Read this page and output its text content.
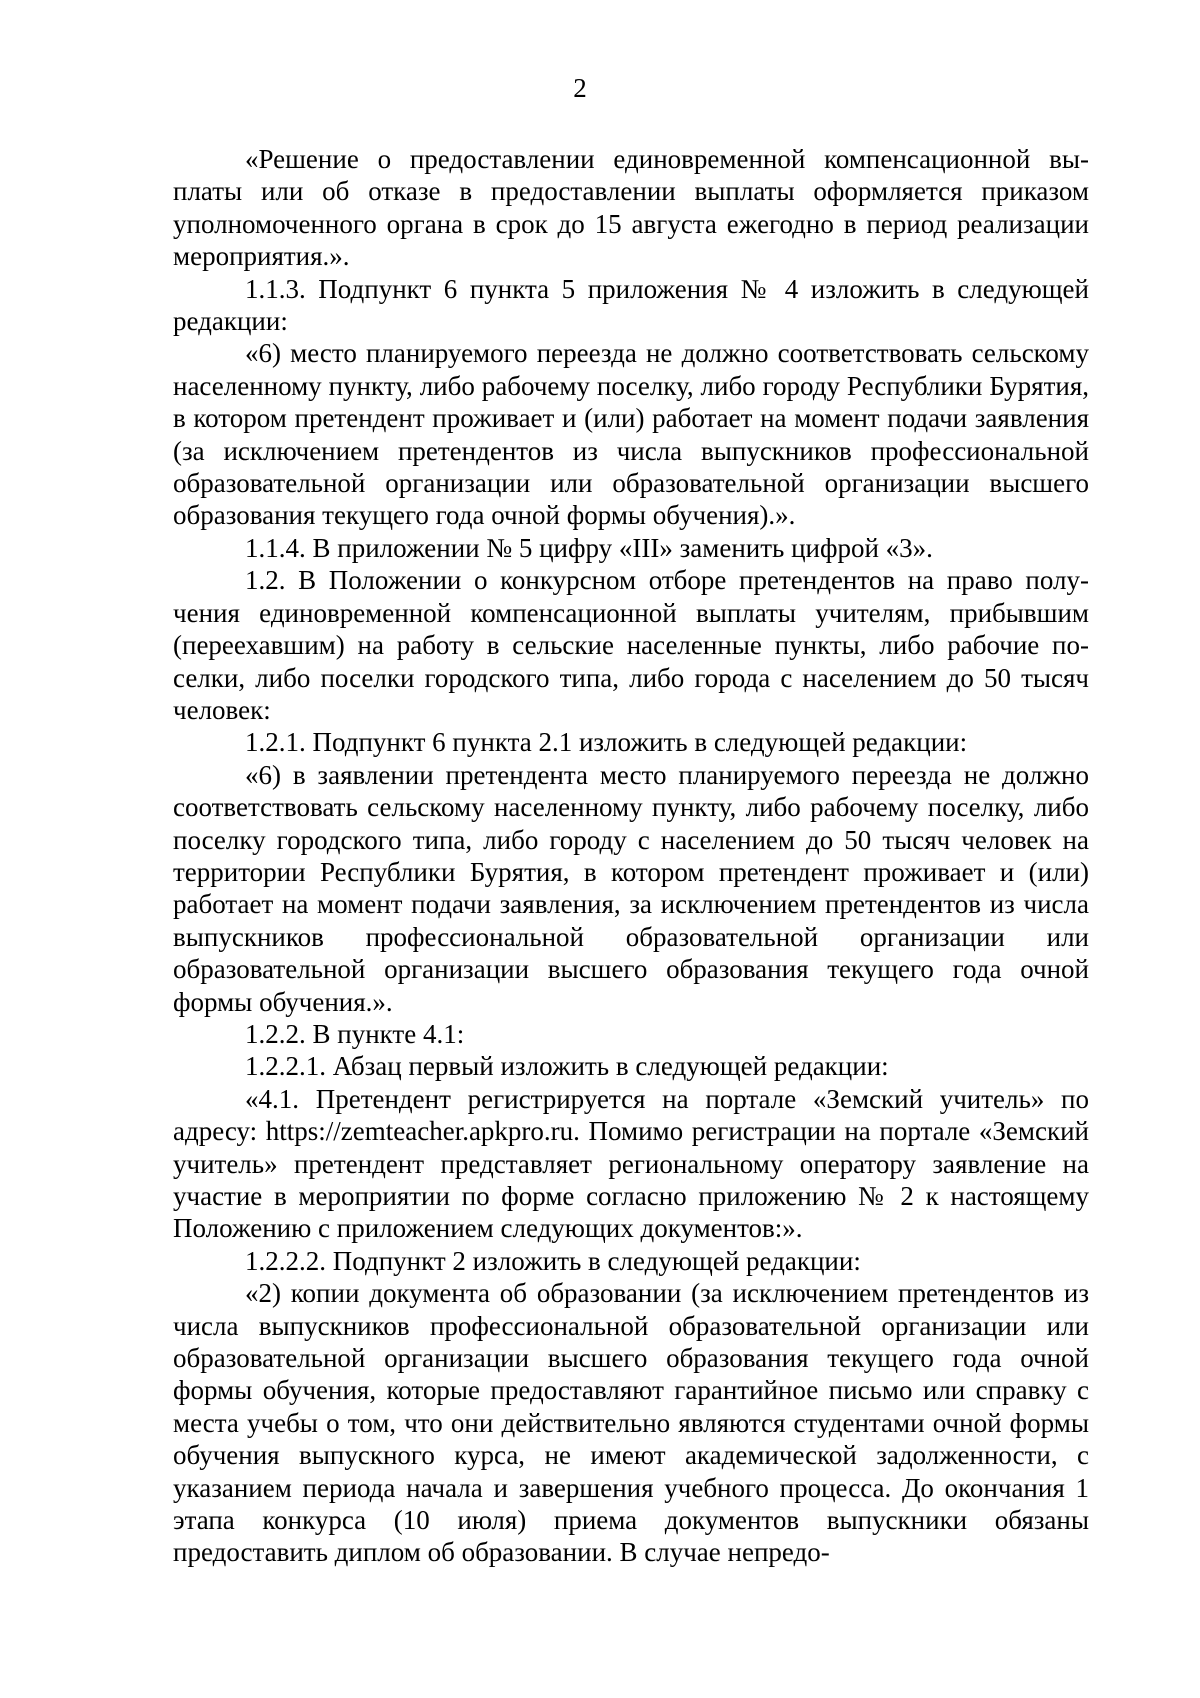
2

«Решение о предоставлении единовременной компенсационной выплаты или об отказе в предоставлении выплаты оформляется приказом уполномоченного органа в срок до 15 августа ежегодно в период реализации мероприятия.».

1.1.3. Подпункт 6 пункта 5 приложения № 4 изложить в следующей редакции:

«6) место планируемого переезда не должно соответствовать сельскому населенному пункту, либо рабочему поселку, либо городу Республики Бурятия, в котором претендент проживает и (или) работает на момент подачи заявления (за исключением претендентов из числа выпускников профессиональной образовательной организации или образовательной организации высшего образования текущего года очной формы обучения).».

1.1.4. В приложении № 5 цифру «III» заменить цифрой «3».

1.2. В Положении о конкурсном отборе претендентов на право получения единовременной компенсационной выплаты учителям, прибывшим (переехавшим) на работу в сельские населенные пункты, либо рабочие поселки, либо поселки городского типа, либо города с населением до 50 тысяч человек:

1.2.1. Подпункт 6 пункта 2.1 изложить в следующей редакции:

«6) в заявлении претендента место планируемого переезда не должно соответствовать сельскому населенному пункту, либо рабочему поселку, либо поселку городского типа, либо городу с населением до 50 тысяч человек на территории Республики Бурятия, в котором претендент проживает и (или) работает на момент подачи заявления, за исключением претендентов из числа выпускников профессиональной образовательной организации или образовательной организации высшего образования текущего года очной формы обучения.».

1.2.2. В пункте 4.1:

1.2.2.1. Абзац первый изложить в следующей редакции:

«4.1. Претендент регистрируется на портале «Земский учитель» по адресу: https://zemteacher.apkpro.ru. Помимо регистрации на портале «Земский учитель» претендент представляет региональному оператору заявление на участие в мероприятии по форме согласно приложению № 2 к настоящему Положению с приложением следующих документов:».

1.2.2.2. Подпункт 2 изложить в следующей редакции:

«2) копии документа об образовании (за исключением претендентов из числа выпускников профессиональной образовательной организации или образовательной организации высшего образования текущего года очной формы обучения, которые предоставляют гарантийное письмо или справку с места учебы о том, что они действительно являются студентами очной формы обучения выпускного курса, не имеют академической задолженности, с указанием периода начала и завершения учебного процесса. До окончания 1 этапа конкурса (10 июля) приема документов выпускники обязаны предоставить диплом об образовании. В случае непредо-
